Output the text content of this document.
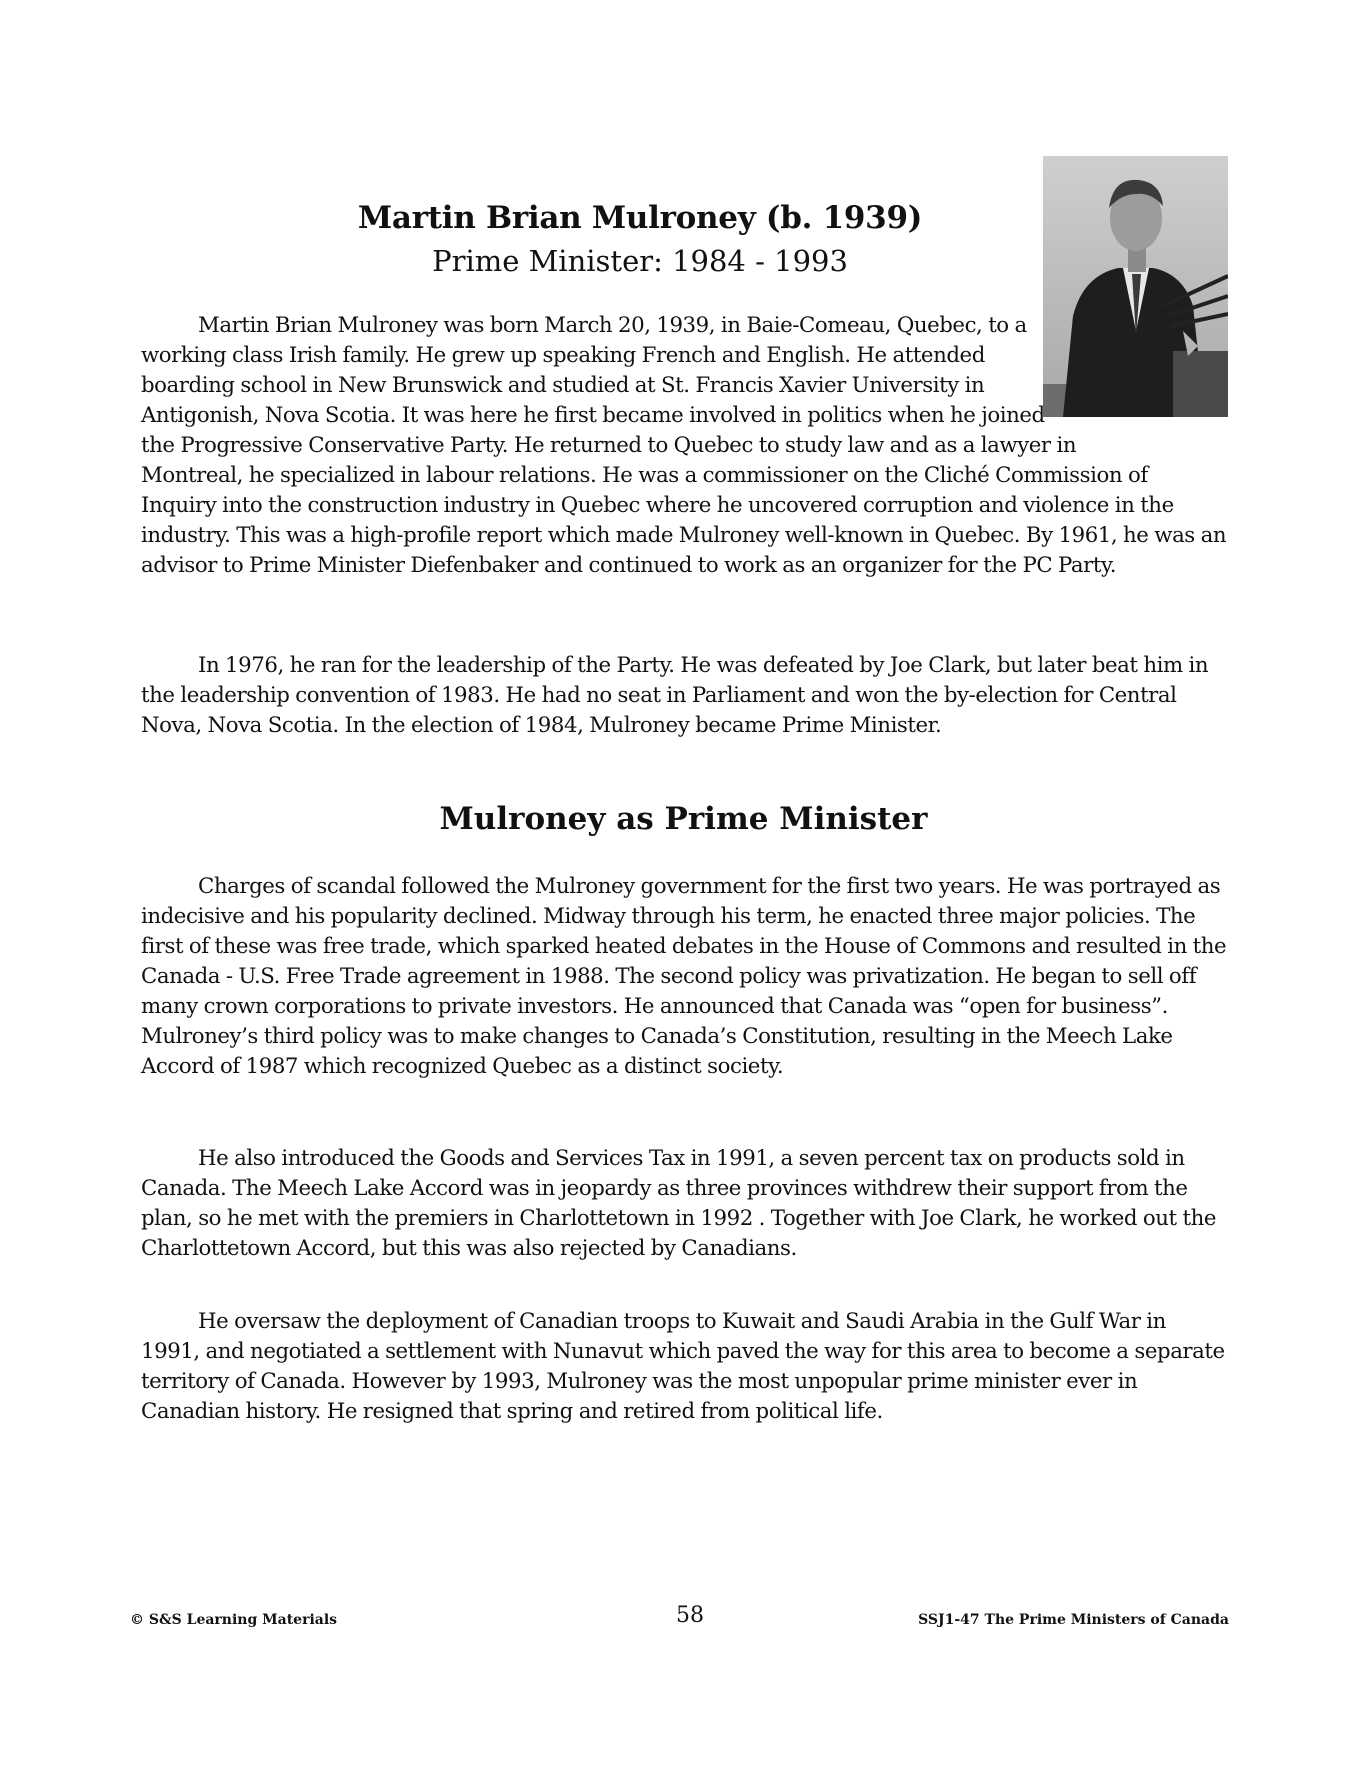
Martin Brian Mulroney (b. 1939)
Prime Minister: 1984 - 1993
Martin Brian Mulroney was born March 20, 1939, in Baie-Comeau, Quebec, to a working class Irish family. He grew up speaking French and English. He attended boarding school in New Brunswick and studied at St. Francis Xavier University in Antigonish, Nova Scotia. It was here he first became involved in politics when he joined the Progressive Conservative Party. He returned to Quebec to study law and as a lawyer in Montreal, he specialized in labour relations. He was a commissioner on the Cliché Commission of Inquiry into the construction industry in Quebec where he uncovered corruption and violence in the industry. This was a high-profile report which made Mulroney well-known in Quebec. By 1961, he was an advisor to Prime Minister Diefenbaker and continued to work as an organizer for the PC Party.
In 1976, he ran for the leadership of the Party. He was defeated by Joe Clark, but later beat him in the leadership convention of 1983. He had no seat in Parliament and won the by-election for Central Nova, Nova Scotia. In the election of 1984, Mulroney became Prime Minister.
Mulroney as Prime Minister
Charges of scandal followed the Mulroney government for the first two years. He was portrayed as indecisive and his popularity declined. Midway through his term, he enacted three major policies. The first of these was free trade, which sparked heated debates in the House of Commons and resulted in the Canada - U.S. Free Trade agreement in 1988. The second policy was privatization. He began to sell off many crown corporations to private investors. He announced that Canada was “open for business”. Mulroney’s third policy was to make changes to Canada’s Constitution, resulting in the Meech Lake Accord of 1987 which recognized Quebec as a distinct society.
He also introduced the Goods and Services Tax in 1991, a seven percent tax on products sold in Canada. The Meech Lake Accord was in jeopardy as three provinces withdrew their support from the plan, so he met with the premiers in Charlottetown in 1992 . Together with Joe Clark, he worked out the Charlottetown Accord, but this was also rejected by Canadians.
He oversaw the deployment of Canadian troops to Kuwait and Saudi Arabia in the Gulf War in 1991, and negotiated a settlement with Nunavut which paved the way for this area to become a separate territory of Canada. However by 1993, Mulroney was the most unpopular prime minister ever in Canadian history. He resigned that spring and retired from political life.
© S&S Learning Materials	58	SSJ1-47 The Prime Ministers of Canada
